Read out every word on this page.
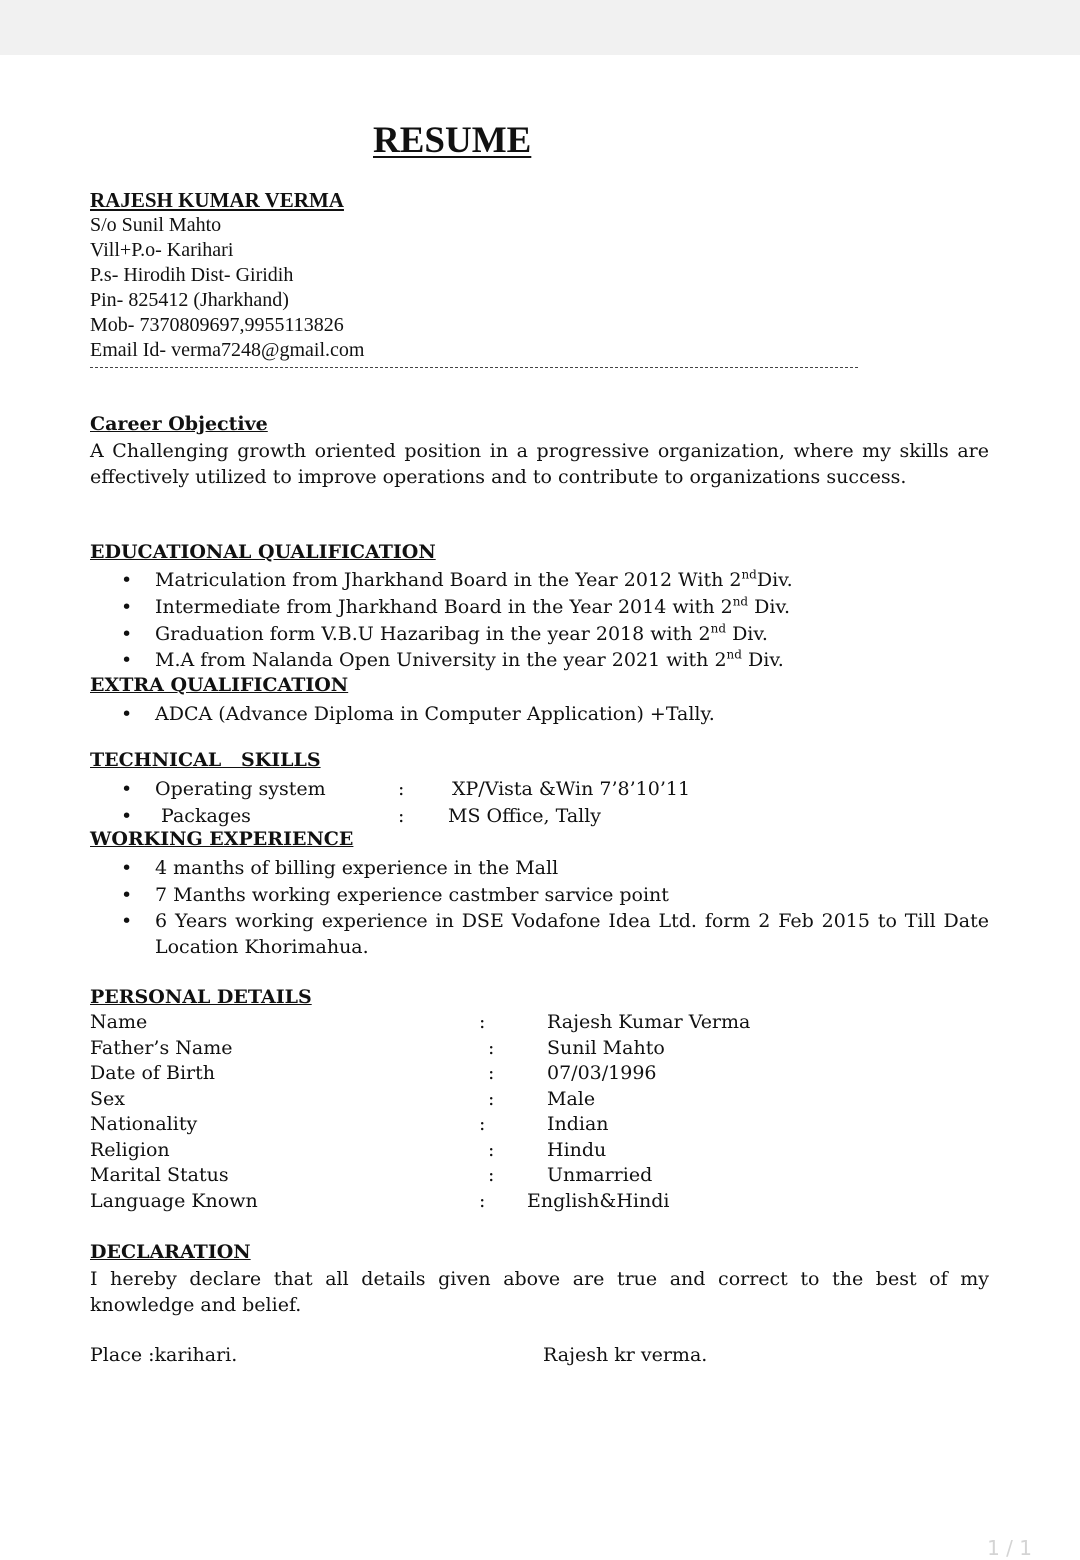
RESUME
RAJESH KUMAR VERMA
S/o Sunil Mahto
Vill+P.o- Karihari
P.s- Hirodih Dist- Giridih
Pin- 825412 (Jharkhand)
Mob- 7370809697,9955113826
Email Id- verma7248@gmail.com
Career Objective
A Challenging growth oriented position in a progressive organization, where my skills are effectively utilized to improve operations and to contribute to organizations success.
EDUCATIONAL QUALIFICATION
• Matriculation from Jharkhand Board in the Year 2012 With 2ndDiv.
• Intermediate from Jharkhand Board in the Year 2014 with 2nd Div.
• Graduation form V.B.U Hazaribag in the year 2018 with 2nd Div.
• M.A from Nalanda Open University in the year 2021 with 2nd Div.
EXTRA QUALIFICATION
• ADCA (Advance Diploma in Computer Application) +Tally.
TECHNICAL   SKILLS
• Operating system	:	XP/Vista &Win 7’8’10’11
• Packages	: MS Office, Tally
WORKING EXPERIENCE
• 4 manths of billing experience in the Mall
• 7 Manths working experience castmber sarvice point
• 6 Years working experience in DSE Vodafone Idea Ltd. form 2 Feb 2015 to Till Date Location Khorimahua.
PERSONAL DETAILS
Name	:	Rajesh Kumar Verma
Father’s Name	:	Sunil Mahto
Date of Birth	:	07/03/1996
Sex	:	Male
Nationality	:	Indian
Religion	:	Hindu
Marital Status	:	Unmarried
Language Known	: English&Hindi
DECLARATION
I hereby declare that all details given above are true and correct to the best of my knowledge and belief.
Place :karihari.	Rajesh kr verma.
1 / 1
